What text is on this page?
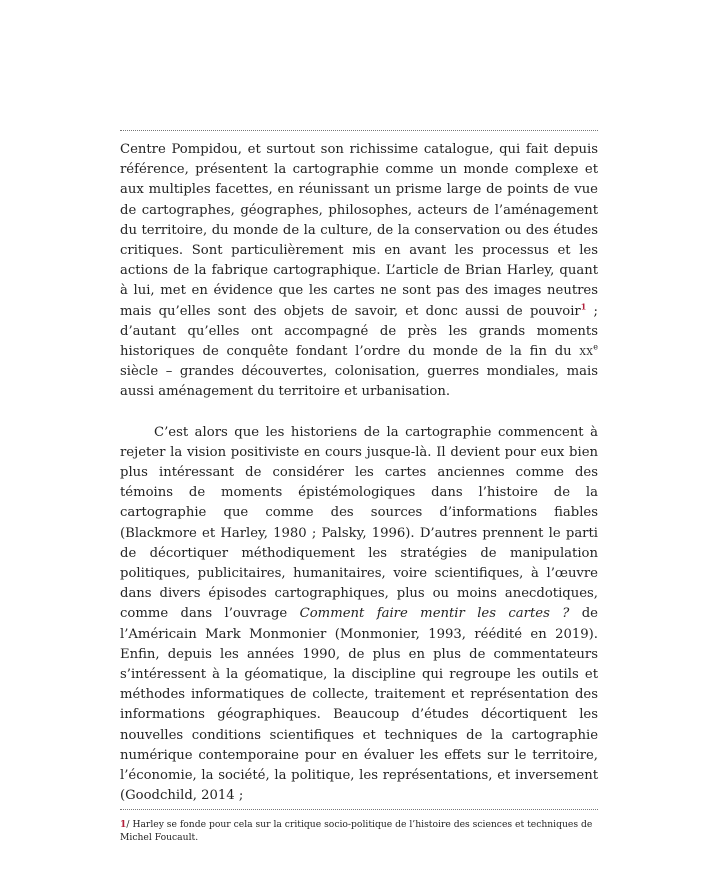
Centre Pompidou, et surtout son richissime catalogue, qui fait depuis référence, présentent la cartographie comme un monde complexe et aux multiples facettes, en réunissant un prisme large de points de vue de cartographes, géographes, philosophes, acteurs de l’aménagement du territoire, du monde de la culture, de la conservation ou des études critiques. Sont particulièrement mis en avant les processus et les actions de la fabrique cartographique. L’article de Brian Harley, quant à lui, met en évidence que les cartes ne sont pas des images neutres mais qu’elles sont des objets de savoir, et donc aussi de pouvoir$^1$ ; d’autant qu’elles ont accompagné de près les grands moments historiques de conquête fondant l’ordre du monde de la fin du $xx^e$ siècle – grandes découvertes, colonisation, guerres mondiales, mais aussi aménagement du territoire et urbanisation.

C’est alors que les historiens de la cartographie commencent à rejeter la vision positiviste en cours jusque-là. Il devient pour eux bien plus intéressant de considérer les cartes anciennes comme des témoins de moments épistémologiques dans l’histoire de la cartographie que comme des sources d’informations fiables (Blackmore et Harley, 1980 ; Palsky, 1996). D’autres prennent le parti de décortiquer méthodiquement les stratégies de manipulation politiques, publicitaires, humanitaires, voire scientifiques, à l’œuvre dans divers épisodes cartographiques, plus ou moins anecdotiques, comme dans l’ouvrage Comment faire mentir les cartes ? de l’Américain Mark Monmonier (Monmonier, 1993, réédité en 2019). Enfin, depuis les années 1990, de plus en plus de commentateurs s’intéressent à la géomatique, la discipline qui regroupe les outils et méthodes informatiques de collecte, traitement et représentation des informations géographiques. Beaucoup d’études décortiquent les nouvelles conditions scientifiques et techniques de la cartographie numérique contemporaine pour en évaluer les effets sur le territoire, l’économie, la société, la politique, les représentations, et inversement (Goodchild, 2014 ;

1/ Harley se fonde pour cela sur la critique socio-politique de l’histoire des sciences et techniques de Michel Foucault.
